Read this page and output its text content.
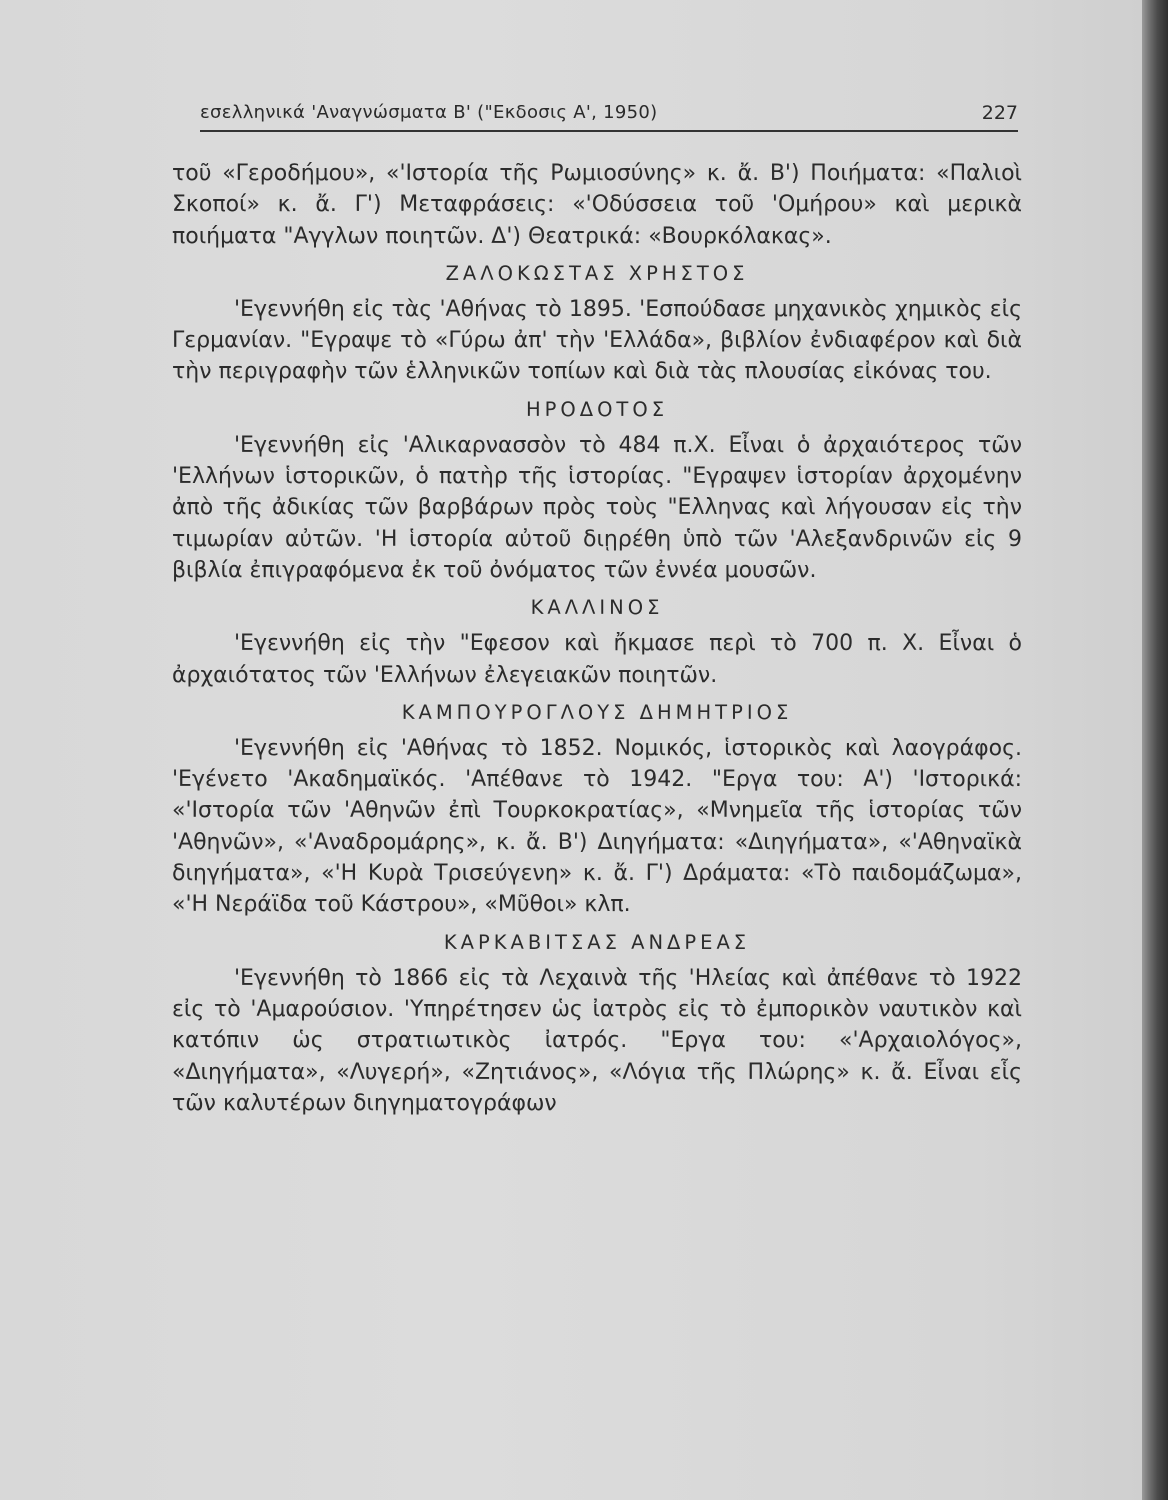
εσελληνικά 'Αναγνώσματα Β' ("Εκδοσις Α', 1950)	227

τοῦ «Γεροδήμου», «'Ιστορία τῆς Ρωμιοσύνης» κ. ἄ. Β') Ποιήματα: «Παλιοὶ Σκοποί» κ. ἄ. Γ') Μεταφράσεις: «'Οδύσσεια τοῦ 'Ομήρου» καὶ μερικὰ ποιήματα "Αγγλων ποιητῶν. Δ') Θεατρικά: «Βουρκόλακας».

ΖΑΛΟΚΩΣΤΑΣ ΧΡΗΣΤΟΣ

'Εγεννήθη εἰς τὰς 'Αθήνας τὸ 1895. 'Εσπούδασε μηχανικὸς χημικὸς εἰς Γερμανίαν. "Εγραψε τὸ «Γύρω ἀπ' τὴν 'Ελλάδα», βιβλίον ἐνδιαφέρον καὶ διὰ τὴν περιγραφὴν τῶν ἑλληνικῶν τοπίων καὶ διὰ τὰς πλουσίας εἰκόνας του.

ΗΡΟΔΟΤΟΣ

'Εγεννήθη εἰς 'Αλικαρνασσὸν τὸ 484 π.Χ. Εἶναι ὁ ἀρχαιότερος τῶν 'Ελλήνων ἱστορικῶν, ὁ πατὴρ τῆς ἱστορίας. "Εγραψεν ἱστορίαν ἀρχομένην ἀπὸ τῆς ἀδικίας τῶν βαρβάρων πρὸς τοὺς "Ελληνας καὶ λήγουσαν εἰς τὴν τιμωρίαν αὐτῶν. 'Η ἱστορία αὐτοῦ διῃρέθη ὑπὸ τῶν 'Αλεξανδρινῶν εἰς 9 βιβλία ἐπιγραφόμενα ἐκ τοῦ ὀνόματος τῶν ἐννέα μουσῶν.

ΚΑΛΛΙΝΟΣ

'Εγεννήθη εἰς τὴν "Εφεσον καὶ ἤκμασε περὶ τὸ 700 π. Χ. Εἶναι ὁ ἀρχαιότατος τῶν 'Ελλήνων ἐλεγειακῶν ποιητῶν.

ΚΑΜΠΟΥΡΟΓΛΟΥΣ ΔΗΜΗΤΡΙΟΣ

'Εγεννήθη εἰς 'Αθήνας τὸ 1852. Νομικός, ἱστορικὸς καὶ λαογράφος. 'Εγένετο 'Ακαδημαϊκός. 'Απέθανε τὸ 1942. "Εργα του: Α') 'Ιστορικά: «'Ιστορία τῶν 'Αθηνῶν ἐπὶ Τουρκοκρατίας», «Μνημεῖα τῆς ἱστορίας τῶν 'Αθηνῶν», «'Αναδρομάρης», κ. ἄ. Β') Διηγήματα: «Διηγήματα», «'Αθηναϊκὰ διηγήματα», «'Η Κυρὰ Τρισεύγενη» κ. ἄ. Γ') Δράματα: «Τὸ παιδομάζωμα», «'Η Νεράϊδα τοῦ Κάστρου», «Μῦθοι» κλπ.

ΚΑΡΚΑΒΙΤΣΑΣ ΑΝΔΡΕΑΣ

'Εγεννήθη τὸ 1866 εἰς τὰ Λεχαινὰ τῆς 'Ηλείας καὶ ἀπέθανε τὸ 1922 εἰς τὸ 'Αμαρούσιον. 'Υπηρέτησεν ὡς ἰατρὸς εἰς τὸ ἐμπορικὸν ναυτικὸν καὶ κατόπιν ὡς στρατιωτικὸς ἰατρός. "Εργα του: «'Αρχαιολόγος», «Διηγήματα», «Λυγερή», «Ζητιάνος», «Λόγια τῆς Πλώρης» κ. ἄ. Εἶναι εἷς τῶν καλυτέρων διηγηματογράφων
